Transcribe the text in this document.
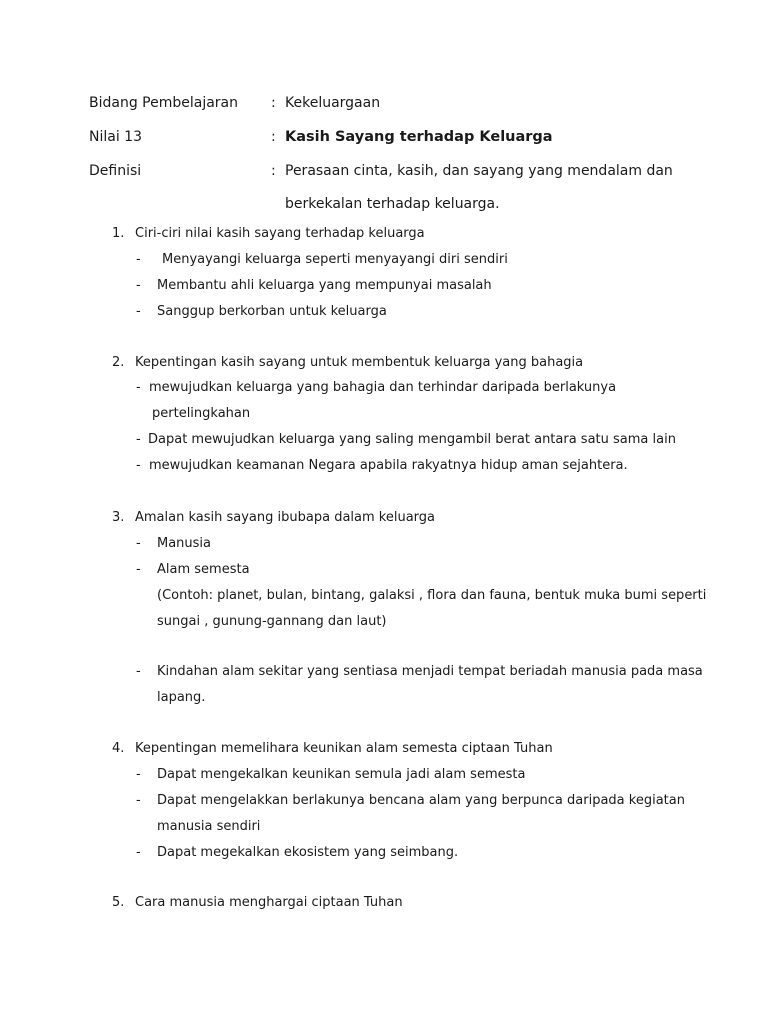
Bidang Pembelajaran : Kekeluargaan
Nilai 13	: Kasih Sayang terhadap Keluarga
Definisi	: Perasaan cinta, kasih, dan sayang yang mendalam dan
berkekalan terhadap keluarga.
1. Ciri-ciri nilai kasih sayang terhadap keluarga
- Menyayangi keluarga seperti menyayangi diri sendiri
- Membantu ahli keluarga yang mempunyai masalah
- Sanggup berkorban untuk keluarga
2. Kepentingan kasih sayang untuk membentuk keluarga yang bahagia
- mewujudkan keluarga yang bahagia dan terhindar daripada berlakunya
pertelingkahan
- Dapat mewujudkan keluarga yang saling mengambil berat antara satu sama lain
- mewujudkan keamanan Negara apabila rakyatnya hidup aman sejahtera.
3. Amalan kasih sayang ibubapa dalam keluarga
- Manusia
- Alam semesta
(Contoh: planet, bulan, bintang, galaksi , flora dan fauna, bentuk muka bumi seperti
sungai , gunung-gannang dan laut)
- Kindahan alam sekitar yang sentiasa menjadi tempat beriadah manusia pada masa
lapang.
4. Kepentingan memelihara keunikan alam semesta ciptaan Tuhan
- Dapat mengekalkan keunikan semula jadi alam semesta
- Dapat mengelakkan berlakunya bencana alam yang berpunca daripada kegiatan
manusia sendiri
- Dapat megekalkan ekosistem yang seimbang.
5. Cara manusia menghargai ciptaan Tuhan
